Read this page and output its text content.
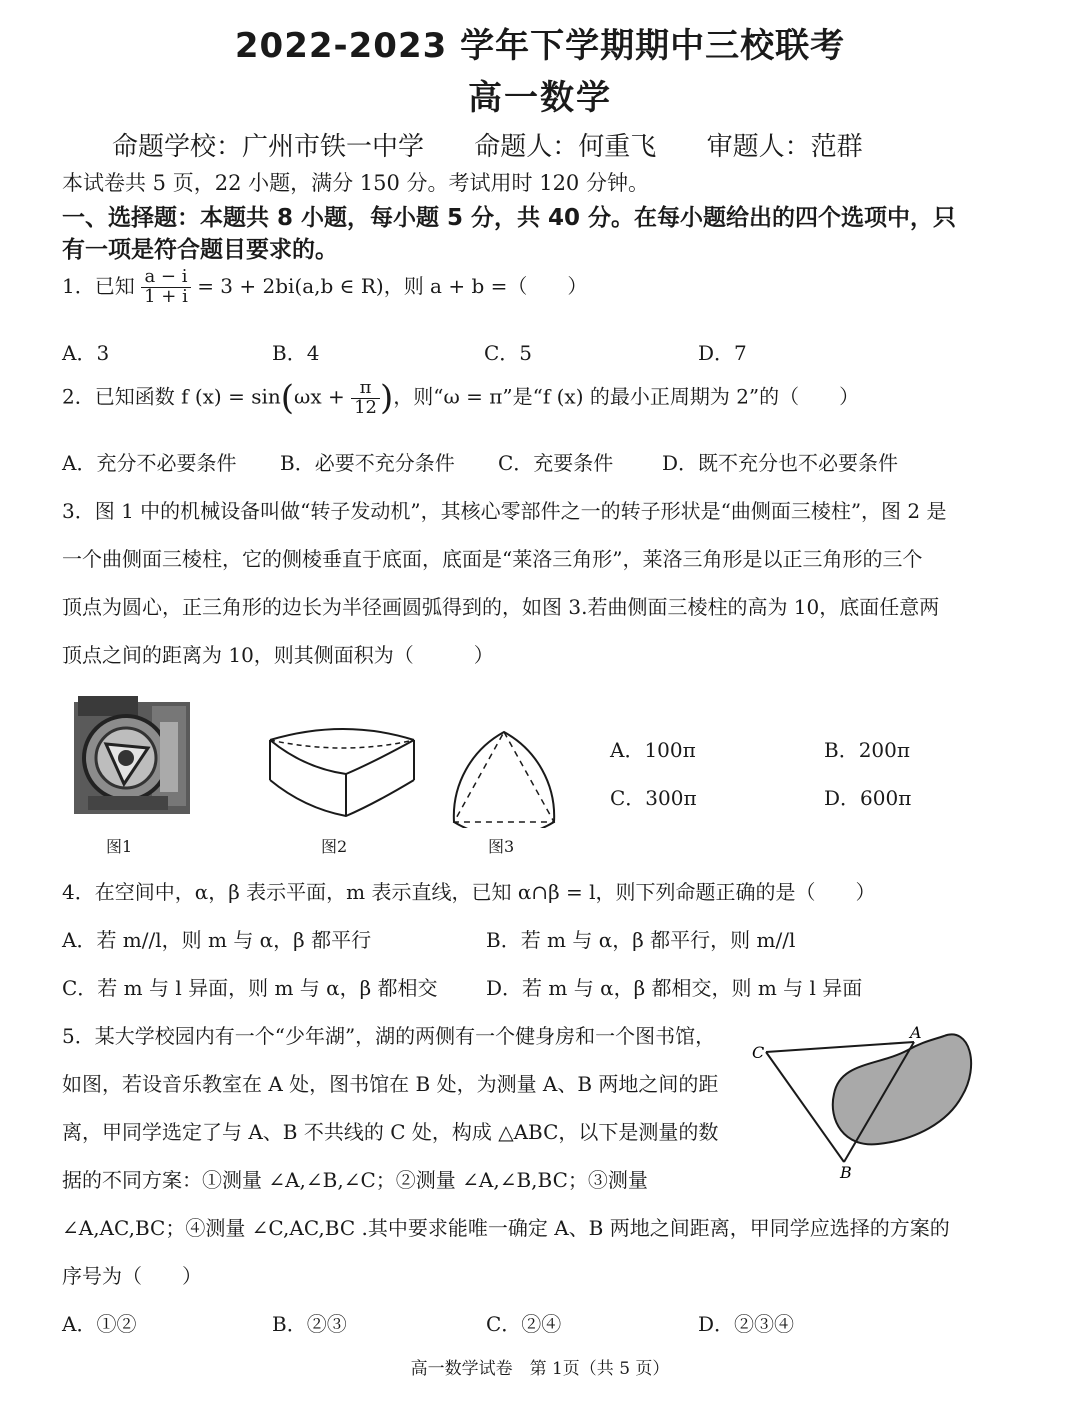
2022-2023 学年下学期期中三校联考
高一数学
命题学校：广州市铁一中学 命题人：何重飞 审题人：范群
本试卷共 5 页，22 小题，满分 150 分。考试用时 120 分钟。
一、选择题：本题共 8 小题，每小题 5 分，共 40 分。在每小题给出的四个选项中，只
有一项是符合题目要求的。
1．已知 $\frac{a - i}{1 + i} = 3 + 2bi(a,b$ ∈ R)，则 a + b =（　　）
A．3	B．4	C．5	D．7
2．已知函数 f $(x) = \sin(\omega x + \frac{\pi}{12}$ )，则“ω = π”是“f (x) 的最小正周期为 2”的（　　）
A．充分不必要条件 B．必要不充分条件 C．充要条件 D．既不充分也不必要条件
3．图 1 中的机械设备叫做“转子发动机”，其核心零部件之一的转子形状是“曲侧面三棱柱”，图 2 是
一个曲侧面三棱柱，它的侧棱垂直于底面，底面是“莱洛三角形”，莱洛三角形是以正三角形的三个
顶点为圆心，正三角形的边长为半径画圆弧得到的，如图 3.若曲侧面三棱柱的高为 10，底面任意两
顶点之间的距离为 10，则其侧面积为（　　　）
图1	图2	图3
A．100π	B．200π
C．300π	D．600π
4．在空间中，α，β 表示平面，m 表示直线，已知 α∩β = l，则下列命题正确的是（　　）
A．若 m//l，则 m 与 α，β 都平行	B．若 m 与 α，β 都平行，则 m//l
C．若 m 与 l 异面，则 m 与 α，β 都相交 D．若 m 与 α，β 都相交，则 m 与 l 异面
5．某大学校园内有一个“少年湖”，湖的两侧有一个健身房和一个图书馆，
如图，若设音乐教室在 A 处，图书馆在 B 处，为测量 A、B 两地之间的距
离，甲同学选定了与 A、B 不共线的 C 处，构成 △ABC，以下是测量的数
据的不同方案：①测量 ∠A,∠B,∠C；②测量 ∠A,∠B,BC；③测量
∠A,AC,BC；④测量 ∠C,AC,BC .其中要求能唯一确定 A、B 两地之间距离，甲同学应选择的方案的
序号为（　　）
A
C
B
A．①②	B．②③	C．②④	D．②③④
高一数学试卷　第 1页（共 5 页）
